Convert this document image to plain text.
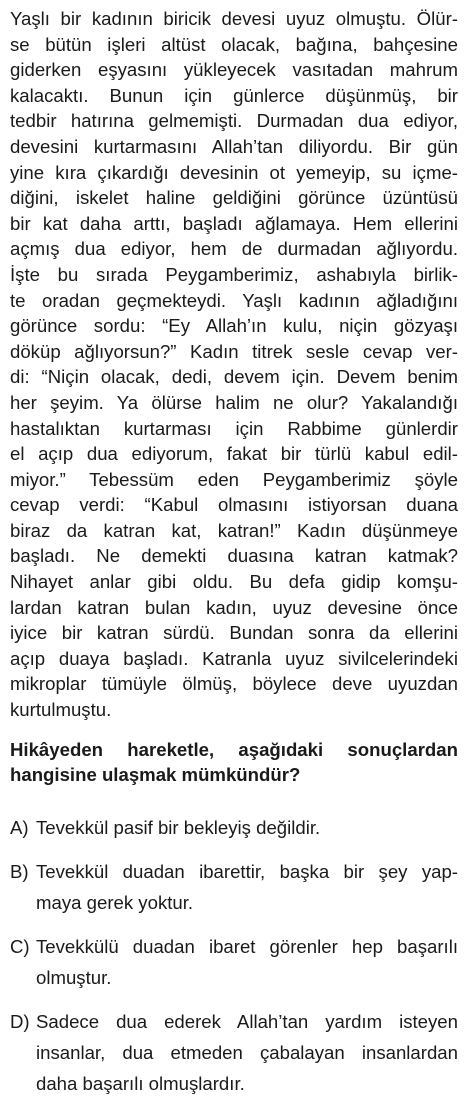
Yaşlı bir kadının biricik devesi uyuz olmuştu. Ölür-
se bütün işleri altüst olacak, bağına, bahçesine
giderken eşyasını yükleyecek vasıtadan mahrum
kalacaktı. Bunun için günlerce düşünmüş, bir
tedbir hatırına gelmemişti. Durmadan dua ediyor,
devesini kurtarmasını Allah’tan diliyordu. Bir gün
yine kıra çıkardığı devesinin ot yemeyip, su içme-
diğini, iskelet haline geldiğini görünce üzüntüsü
bir kat daha arttı, başladı ağlamaya. Hem ellerini
açmış dua ediyor, hem de durmadan ağlıyordu.
İşte bu sırada Peygamberimiz, ashabıyla birlik-
te oradan geçmekteydi. Yaşlı kadının ağladığını
görünce sordu: “Ey Allah’ın kulu, niçin gözyaşı
döküp ağlıyorsun?” Kadın titrek sesle cevap ver-
di: “Niçin olacak, dedi, devem için. Devem benim
her şeyim. Ya ölürse halim ne olur? Yakalandığı
hastalıktan kurtarması için Rabbime günlerdir
el açıp dua ediyorum, fakat bir türlü kabul edil-
miyor.” Tebessüm eden Peygamberimiz şöyle
cevap verdi: “Kabul olmasını istiyorsan duana
biraz da katran kat, katran!” Kadın düşünmeye
başladı. Ne demekti duasına katran katmak?
Nihayet anlar gibi oldu. Bu defa gidip komşu-
lardan katran bulan kadın, uyuz devesine önce
iyice bir katran sürdü. Bundan sonra da ellerini
açıp duaya başladı. Katranla uyuz sivilcelerindeki
mikroplar tümüyle ölmüş, böylece deve uyuzdan
kurtulmuştu.
Hikâyeden hareketle, aşağıdaki sonuçlardan
hangisine ulaşmak mümkündür?
A) Tevekkül pasif bir bekleyiş değildir.
B) Tevekkül duadan ibarettir, başka bir şey yap-
maya gerek yoktur.
C) Tevekkülü duadan ibaret görenler hep başarılı
olmuştur.
D) Sadece dua ederek Allah’tan yardım isteyen
insanlar, dua etmeden çabalayan insanlardan
daha başarılı olmuşlardır.
